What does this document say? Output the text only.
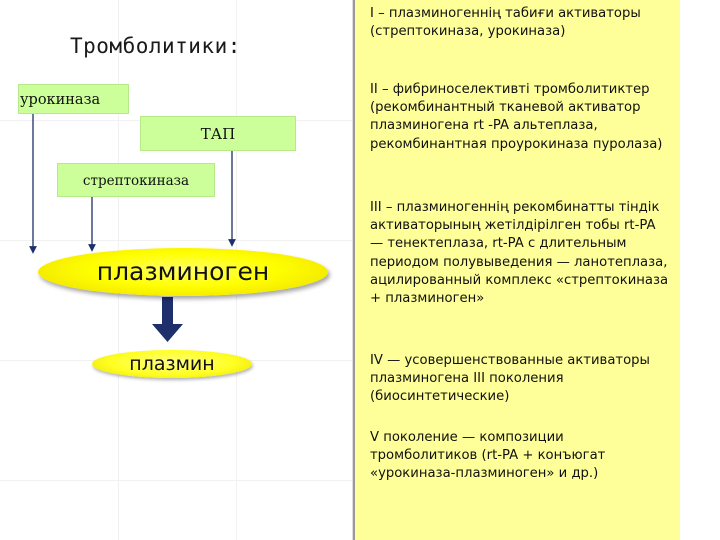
Тромболитики:
урокиназа
ТАП
стрептокиназа
плазминоген
плазмин
I – плазминогеннің табиғи активаторы (стрептокиназа, урокиназа)
II – фибриноселективті тромболитиктер (рекомбинантный тканевой активатор плазминогена rt -PA альтеплаза, рекомбинантная проурокиназа пуролаза)
III – плазминогеннің рекомбинатты тіндік активаторының жетілдірілген тобы rt-PA — тенектеплаза, rt-PA с длительным периодом полувыведения — ланотеплаза, ацилированный комплекс «стрептокиназа + плазминоген»
IV — усовершенствованные активаторы плазминогена III поколения (биосинтетические)
V поколение — композиции тромболитиков (rt-PA + конъюгат «урокиназа-плазминоген» и др.)
